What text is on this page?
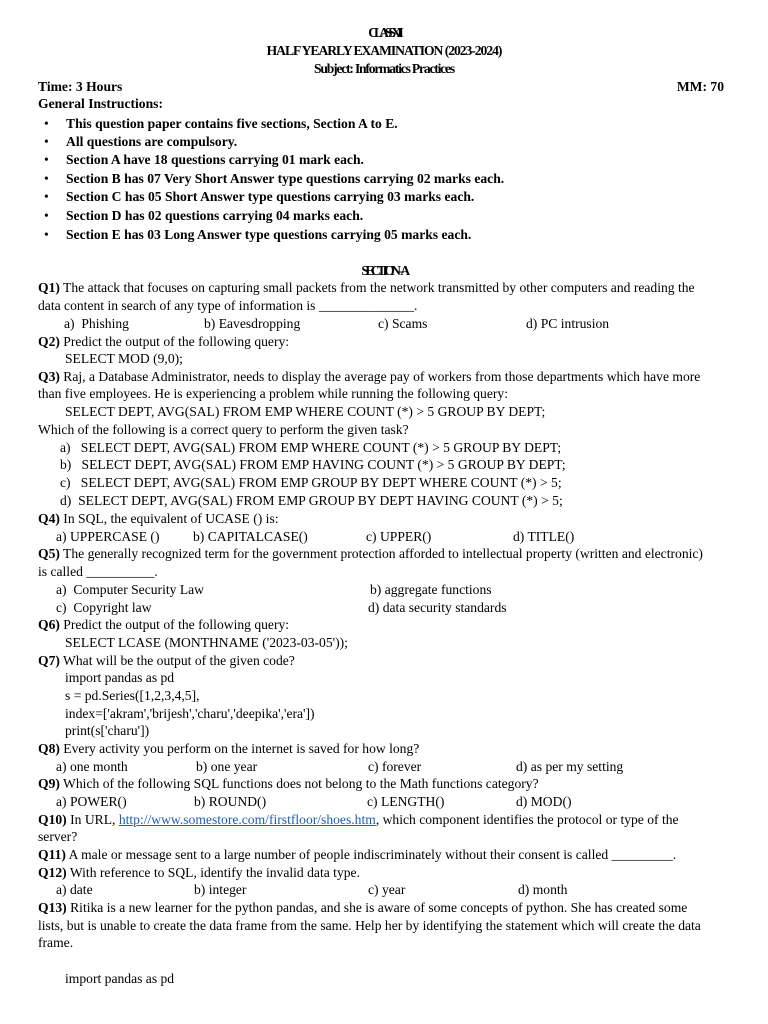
CLASS XII
HALF YEARLY EXAMINATION (2023-2024)
Subject: Informatics Practices
Time: 3 Hours	MM: 70
General Instructions:
• This question paper contains five sections, Section A to E.
• All questions are compulsory.
• Section A have 18 questions carrying 01 mark each.
• Section B has 07 Very Short Answer type questions carrying 02 marks each.
• Section C has 05 Short Answer type questions carrying 03 marks each.
• Section D has 02 questions carrying 04 marks each.
• Section E has 03 Long Answer type questions carrying 05 marks each.
SECTION –A
Q1) The attack that focuses on capturing small packets from the network transmitted by other computers and reading the
data content in search of any type of information is ______________.
a)  Phishing	b) Eavesdropping	c) Scams	d) PC intrusion
Q2) Predict the output of the following query:
SELECT MOD (9,0);
Q3) Raj, a Database Administrator, needs to display the average pay of workers from those departments which have more
than five employees. He is experiencing a problem while running the following query:
SELECT DEPT, AVG(SAL) FROM EMP WHERE COUNT (*) > 5 GROUP BY DEPT;
Which of the following is a correct query to perform the given task?
a)   SELECT DEPT, AVG(SAL) FROM EMP WHERE COUNT (*) > 5 GROUP BY DEPT;
b)   SELECT DEPT, AVG(SAL) FROM EMP HAVING COUNT (*) > 5 GROUP BY DEPT;
c)   SELECT DEPT, AVG(SAL) FROM EMP GROUP BY DEPT WHERE COUNT (*) > 5;
d)  SELECT DEPT, AVG(SAL) FROM EMP GROUP BY DEPT HAVING COUNT (*) > 5;
Q4) In SQL, the equivalent of UCASE () is:
a) UPPERCASE () b) CAPITALCASE()	c) UPPER()	d) TITLE()
Q5) The generally recognized term for the government protection afforded to intellectual property (written and electronic)
is called __________.
a)  Computer Security Law	b) aggregate functions
c)  Copyright law	d) data security standards
Q6) Predict the output of the following query:
SELECT LCASE (MONTHNAME ('2023-03-05'));
Q7) What will be the output of the given code?
import pandas as pd
s = pd.Series([1,2,3,4,5],
index=['akram','brijesh','charu','deepika','era'])
print(s['charu'])
Q8) Every activity you perform on the internet is saved for how long?
a) one month	b) one year	c) forever	d) as per my setting
Q9) Which of the following SQL functions does not belong to the Math functions category?
a) POWER()	b) ROUND()	c) LENGTH()	d) MOD()
Q10) In URL, http://www.somestore.com/firstfloor/shoes.htm, which component identifies the protocol or type of the
server?
Q11) A male or message sent to a large number of people indiscriminately without their consent is called _________.
Q12) With reference to SQL, identify the invalid data type.
a) date	b) integer	c) year	d) month
Q13) Ritika is a new learner for the python pandas, and she is aware of some concepts of python. She has created some
lists, but is unable to create the data frame from the same. Help her by identifying the statement which will create the data
frame.
import pandas as pd
